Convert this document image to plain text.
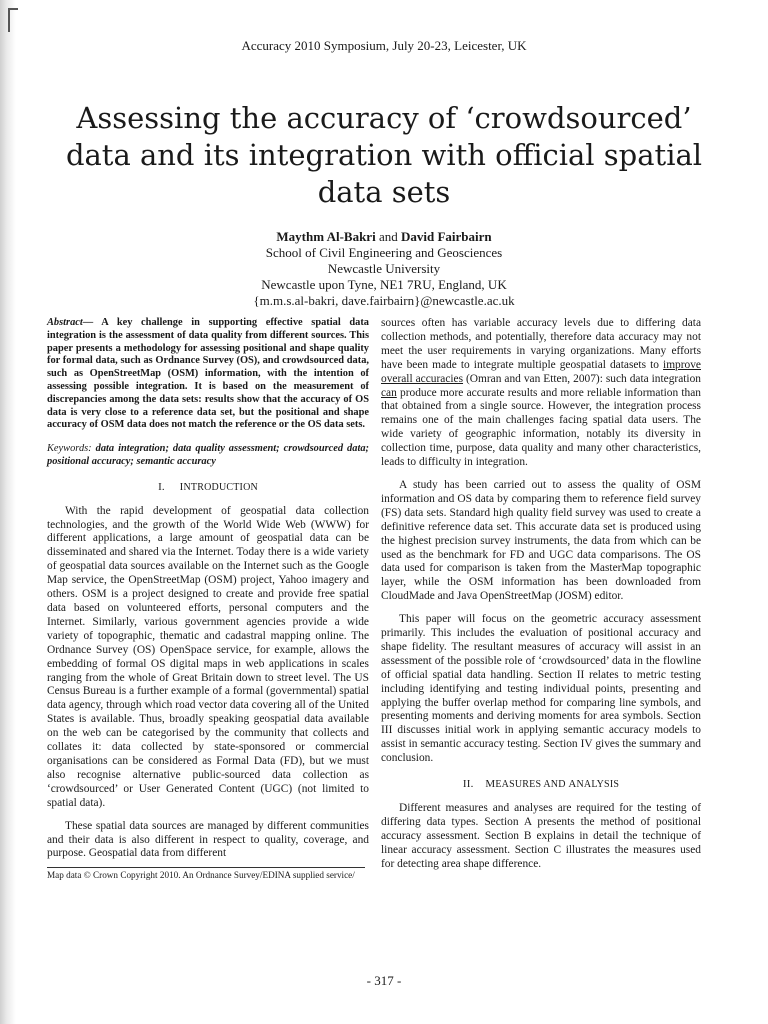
Accuracy 2010 Symposium, July 20-23, Leicester, UK
Assessing the accuracy of ‘crowdsourced’
data and its integration with official spatial
data sets
Maythm Al-Bakri and David Fairbairn
School of Civil Engineering and Geosciences
Newcastle University
Newcastle upon Tyne, NE1 7RU, England, UK
{m.m.s.al-bakri, dave.fairbairn}@newcastle.ac.uk

Abstract— A key challenge in supporting effective spatial data integration is the assessment of data quality from different sources. This paper presents a methodology for assessing positional and shape quality for formal data, such as Ordnance Survey (OS), and crowdsourced data, such as OpenStreetMap (OSM) information, with the intention of assessing possible integration. It is based on the measurement of discrepancies among the data sets: results show that the accuracy of OS data is very close to a reference data set, but the positional and shape accuracy of OSM data does not match the reference or the OS data sets.

Keywords: data integration; data quality assessment; crowdsourced data; positional accuracy; semantic accuracy

I. INTRODUCTION

With the rapid development of geospatial data collection technologies, and the growth of the World Wide Web (WWW) for different applications, a large amount of geospatial data can be disseminated and shared via the Internet. Today there is a wide variety of geospatial data sources available on the Internet such as the Google Map service, the OpenStreetMap (OSM) project, Yahoo imagery and others. OSM is a project designed to create and provide free spatial data based on volunteered efforts, personal computers and the Internet. Similarly, various government agencies provide a wide variety of topographic, thematic and cadastral mapping online. The Ordnance Survey (OS) OpenSpace service, for example, allows the embedding of formal OS digital maps in web applications in scales ranging from the whole of Great Britain down to street level. The US Census Bureau is a further example of a formal (governmental) spatial data agency, through which road vector data covering all of the United States is available. Thus, broadly speaking geospatial data available on the web can be categorised by the community that collects and collates it: data collected by state-sponsored or commercial organisations can be considered as Formal Data (FD), but we must also recognise alternative public-sourced data collection as ‘crowdsourced’ or User Generated Content (UGC) (not limited to spatial data).

These spatial data sources are managed by different communities and their data is also different in respect to quality, coverage, and purpose. Geospatial data from different

Map data © Crown Copyright 2010. An Ordnance Survey/EDINA supplied service/

sources often has variable accuracy levels due to differing data collection methods, and potentially, therefore data accuracy may not meet the user requirements in varying organizations. Many efforts have been made to integrate multiple geospatial datasets to improve overall accuracies (Omran and van Etten, 2007): such data integration can produce more accurate results and more reliable information than that obtained from a single source. However, the integration process remains one of the main challenges facing spatial data users. The wide variety of geographic information, notably its diversity in collection time, purpose, data quality and many other characteristics, leads to difficulty in integration.

A study has been carried out to assess the quality of OSM information and OS data by comparing them to reference field survey (FS) data sets. Standard high quality field survey was used to create a definitive reference data set. This accurate data set is produced using the highest precision survey instruments, the data from which can be used as the benchmark for FD and UGC data comparisons. The OS data used for comparison is taken from the MasterMap topographic layer, while the OSM information has been downloaded from CloudMade and Java OpenStreetMap (JOSM) editor.

This paper will focus on the geometric accuracy assessment primarily. This includes the evaluation of positional accuracy and shape fidelity. The resultant measures of accuracy will assist in an assessment of the possible role of ‘crowdsourced’ data in the flowline of official spatial data handling. Section II relates to metric testing including identifying and testing individual points, presenting and applying the buffer overlap method for comparing line symbols, and presenting moments and deriving moments for area symbols. Section III discusses initial work in applying semantic accuracy models to assist in semantic accuracy testing. Section IV gives the summary and conclusion.

II. MEASURES AND ANALYSIS

Different measures and analyses are required for the testing of differing data types. Section A presents the method of positional accuracy assessment. Section B explains in detail the technique of linear accuracy assessment. Section C illustrates the measures used for detecting area shape difference.

- 317 -
